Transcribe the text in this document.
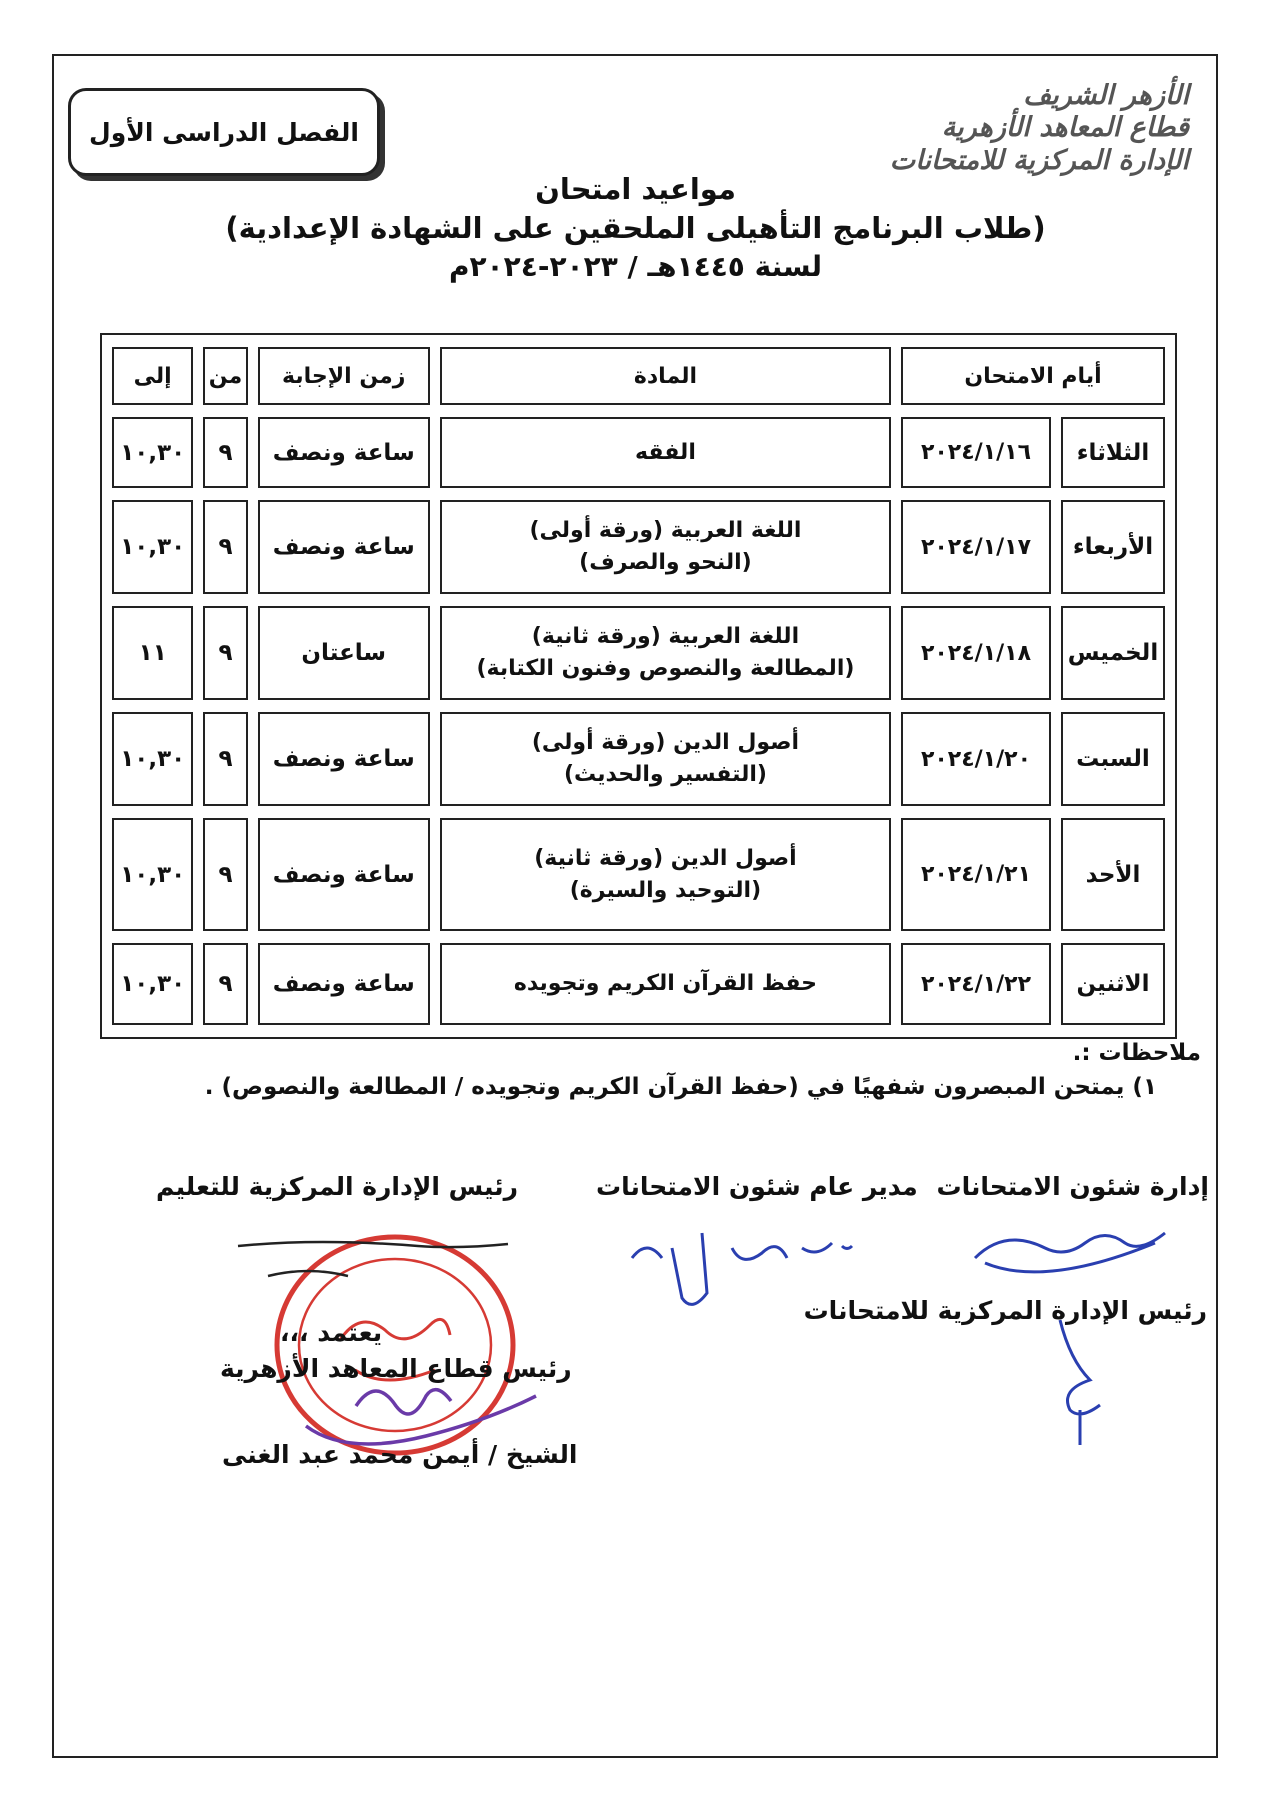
الأزهر الشريف
قطاع المعاهد الأزهرية
الإدارة المركزية للامتحانات
الفصل الدراسى الأول
مواعيد امتحان
(طلاب البرنامج التأهيلى الملحقين على الشهادة الإعدادية)
لسنة ١٤٤٥هـ / ٢٠٢٣-٢٠٢٤م
أيام الامتحان		المادة	زمن الإجابة	من	إلى
الثلاثاء	٢٠٢٤/١/١٦	الفقه	ساعة ونصف	٩	١٠,٣٠
الأربعاء	٢٠٢٤/١/١٧	اللغة العربية (ورقة أولى)
(النحو والصرف)	ساعة ونصف	٩	١٠,٣٠
الخميس	٢٠٢٤/١/١٨	اللغة العربية (ورقة ثانية)
(المطالعة والنصوص وفنون الكتابة)	ساعتان	٩	١١
السبت	٢٠٢٤/١/٢٠	أصول الدين (ورقة أولى)
(التفسير والحديث)	ساعة ونصف	٩	١٠,٣٠
الأحد	٢٠٢٤/١/٢١	أصول الدين (ورقة ثانية)
(التوحيد والسيرة)	ساعة ونصف	٩	١٠,٣٠
الاثنين	٢٠٢٤/١/٢٢	حفظ القرآن الكريم وتجويده	ساعة ونصف	٩	١٠,٣٠
ملاحظات :.
١) يمتحن المبصرون شفهيًا في (حفظ القرآن الكريم وتجويده / المطالعة والنصوص) .
إدارة شئون الامتحانات
مدير عام شئون الامتحانات
رئيس الإدارة المركزية للتعليم
رئيس الإدارة المركزية للامتحانات
يعتمد ،،،
رئيس قطاع المعاهد الأزهرية
الشيخ / أيمن محمد عبد الغنى
